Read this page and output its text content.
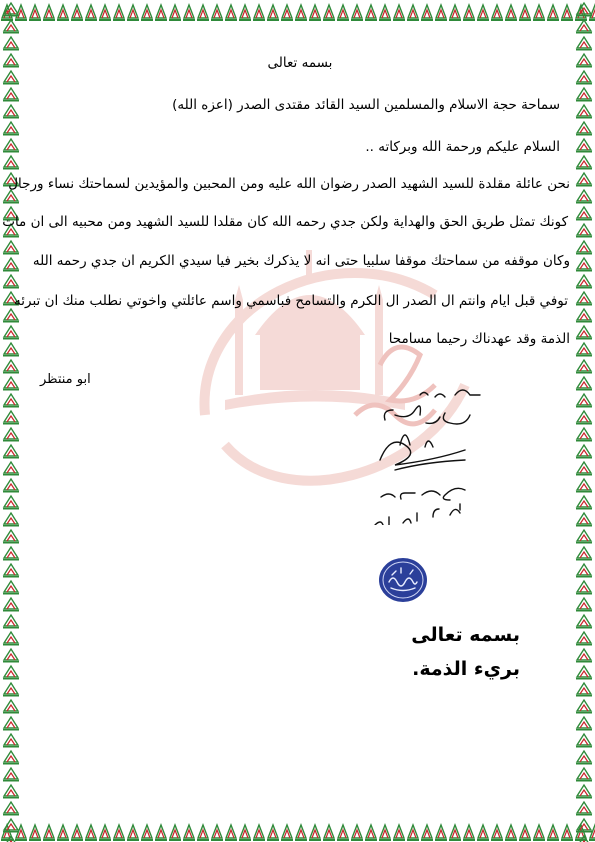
بسمه تعالى
سماحة حجة الاسلام والمسلمين السيد القائد مقتدى الصدر (اعزه الله)
السلام عليكم ورحمة الله وبركاته ..
نحن عائلة مقلدة للسيد الشهيد الصدر رضوان الله عليه ومن المحبين والمؤيدين لسماحتك نساء ورجال
كونك تمثل طريق الحق والهداية ولكن جدي رحمه الله كان مقلدا للسيد الشهيد ومن محبيه الى ان مات
وكان موقفه من سماحتك موقفا سلبيا حتى انه لا يذكرك بخير فيا سيدي الكريم ان جدي رحمه الله
توفي قبل ايام وانتم ال الصدر ال الكرم والتسامح فباسمي واسم عائلتي واخوتي نطلب منك ان تبرئه
الذمة وقد عهدناك رحيما مسامحا
ابو منتظر
بسمه تعالى
بريء الذمة.
